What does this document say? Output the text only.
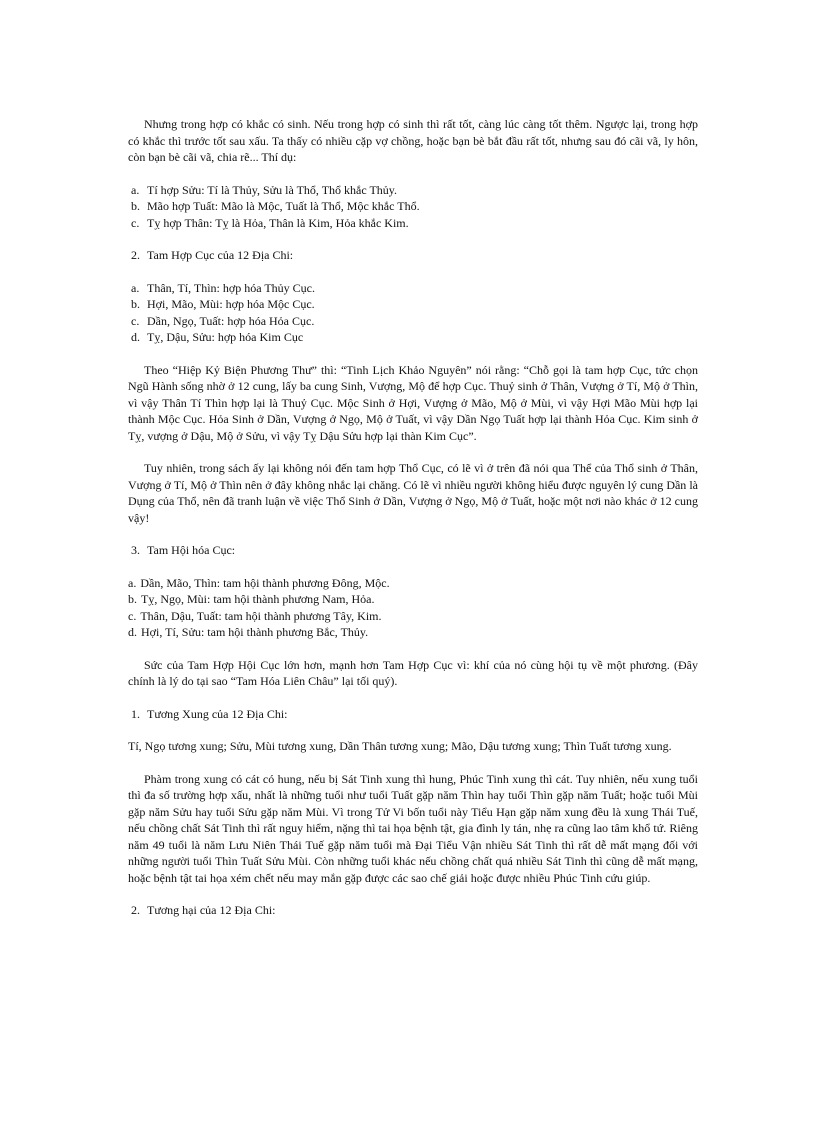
Nhưng trong hợp có khắc có sinh. Nếu trong hợp có sinh thì rất tốt, càng lúc càng tốt thêm. Ngược lại, trong hợp có khắc thì trước tốt sau xấu. Ta thấy có nhiều cặp vợ chồng, hoặc bạn bè bắt đầu rất tốt, nhưng sau đó cãi vã, ly hôn, còn bạn bè cãi vã, chia rẽ... Thí dụ:

a. Tí hợp Sửu: Tí là Thủy, Sửu là Thổ, Thổ khắc Thủy.
b. Mão hợp Tuất: Mão là Mộc, Tuất là Thổ, Mộc khắc Thổ.
c. Tỵ hợp Thân: Tỵ là Hỏa, Thân là Kim, Hỏa khắc Kim.
2. Tam Hợp Cục của 12 Địa Chi:
a. Thân, Tí, Thìn: hợp hóa Thủy Cục.
b. Hợi, Mão, Mùi: hợp hóa Mộc Cục.
c. Dần, Ngọ, Tuất: hợp hóa Hỏa Cục.
d. Tỵ, Dậu, Sửu: hợp hóa Kim Cục

Theo “Hiệp Kỷ Biện Phương Thư” thì: “Tinh Lịch Khảo Nguyên” nói rằng: “Chỗ gọi là tam hợp Cục, tức chọn Ngũ Hành sống nhờ ở 12 cung, lấy ba cung Sinh, Vượng, Mộ để hợp Cục. Thuỷ sinh ở Thân, Vượng ở Tí, Mộ ở Thìn, vì vậy Thân Tí Thìn hợp lại là Thuỷ Cục. Mộc Sinh ở Hợi, Vượng ở Mão, Mộ ở Mùi, vì vậy Hợi Mão Mùi hợp lại thành Mộc Cục. Hỏa Sinh ở Dần, Vượng ở Ngọ, Mộ ở Tuất, vì vậy Dần Ngọ Tuất hợp lại thành Hỏa Cục. Kim sinh ở Tỵ, vượng ở Dậu, Mộ ở Sửu, vì vậy Tỵ Dậu Sửu hợp lại thàn Kim Cục”.

Tuy nhiên, trong sách ấy lại không nói đến tam hợp Thổ Cục, có lẽ vì ở trên đã nói qua Thể của Thổ sinh ở Thân, Vượng ở Tí, Mộ ở Thìn nên ở đây không nhắc lại chăng. Có lẽ vì nhiều người không hiểu được nguyên lý cung Dần là Dụng của Thổ, nên đã tranh luận về việc Thổ Sinh ở Dần, Vượng ở Ngọ, Mộ ở Tuất, hoặc một nơi nào khác ở 12 cung vậy!

3. Tam Hội hóa Cục:
a. Dần, Mão, Thìn: tam hội thành phương Đông, Mộc.
b. Tỵ, Ngọ, Mùi: tam hội thành phương Nam, Hỏa.
c. Thân, Dậu, Tuất: tam hội thành phương Tây, Kim.
d. Hợi, Tí, Sửu: tam hội thành phương Bắc, Thủy.

Sức của Tam Hợp Hội Cục lớn hơn, mạnh hơn Tam Hợp Cục vì: khí của nó cùng hội tụ về một phương. (Đây chính là lý do tại sao “Tam Hóa Liên Châu” lại tối quý).

1. Tương Xung của 12 Địa Chi:

Tí, Ngọ tương xung; Sửu, Mùi tương xung, Dần Thân tương xung; Mão, Dậu tương xung; Thìn Tuất tương xung.

Phàm trong xung có cát có hung, nếu bị Sát Tinh xung thì hung, Phúc Tinh xung thì cát. Tuy nhiên, nếu xung tuổi thì đa số trường hợp xấu, nhất là những tuổi như tuổi Tuất gặp năm Thìn hay tuổi Thìn gặp năm Tuất; hoặc tuổi Mùi gặp năm Sửu hay tuổi Sửu gặp năm Mùi. Vì trong Tử Vi bốn tuổi này Tiểu Hạn gặp năm xung đều là xung Thái Tuế, nếu chồng chất Sát Tinh thì rất nguy hiểm, nặng thì tai họa bệnh tật, gia đình ly tán, nhẹ ra cũng lao tâm khổ tứ. Riêng năm 49 tuổi là năm Lưu Niên Thái Tuế gặp năm tuổi mà Đại Tiểu Vận nhiều Sát Tinh thì rất dễ mất mạng đối với những người tuổi Thìn Tuất Sửu Mùi. Còn những tuổi khác nếu chồng chất quá nhiều Sát Tinh thì cũng dễ mất mạng, hoặc bệnh tật tai họa xém chết nếu may mắn gặp được các sao chế giải hoặc được nhiều Phúc Tinh cứu giúp.

2. Tương hại của 12 Địa Chi:
